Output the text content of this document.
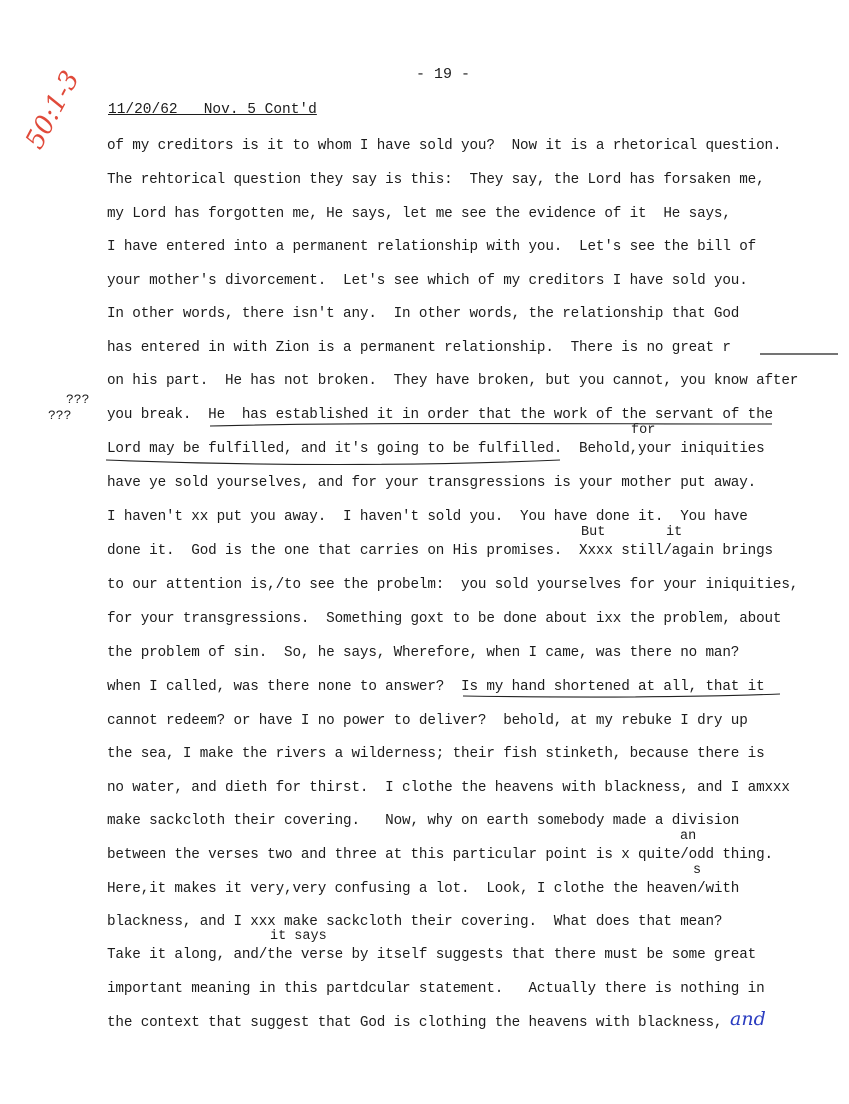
- 19 -
11/20/62   Nov. 5 Cont'd
50:1-3
???
???
of my creditors is it to whom I have sold you?  Now it is a rhetorical question.
The rehtorical question they say is this:  They say, the Lord has forsaken me,
my Lord has forgotten me, He says, let me see the evidence of it  He says,
I have entered into a permanent relationship with you.  Let's see the bill of
your mother's divorcement.  Let's see which of my creditors I have sold you.
In other words, there isn't any.  In other words, the relationship that God
has entered in with Zion is a permanent relationship.  There is no great r
on his part.  He has not broken.  They have broken, but you cannot, you know after
you break.  He  has established it in order that the work of the servant of the
for
Lord may be fulfilled, and it's going to be fulfilled.  Behold,your iniquities
have ye sold yourselves, and for your transgressions is your mother put away.
I haven't xx put you away.  I haven't sold you.  You have done it.  You have
But	it
done it.  God is the one that carries on His promises.  Xxxx still/again brings
to our attention is,/to see the probelm:  you sold yourselves for your iniquities,
for your transgressions.  Something goxt to be done about ixx the problem, about
the problem of sin.  So, he says, Wherefore, when I came, was there no man?
when I called, was there none to answer?  Is my hand shortened at all, that it
cannot redeem? or have I no power to deliver?  behold, at my rebuke I dry up
the sea, I make the rivers a wilderness; their fish stinketh, because there is
no water, and dieth for thirst.  I clothe the heavens with blackness, and I amxxx
make sackcloth their covering.   Now, why on earth somebody made a division
an
between the verses two and three at this particular point is x quite/odd thing.
s
Here,it makes it very,very confusing a lot.  Look, I clothe the heaven/with
blackness, and I xxx make sackcloth their covering.  What does that mean?
it says
Take it along, and/the verse by itself suggests that there must be some great
important meaning in this partdcular statement.   Actually there is nothing in
the context that suggest that God is clothing the heavens with blackness, and
